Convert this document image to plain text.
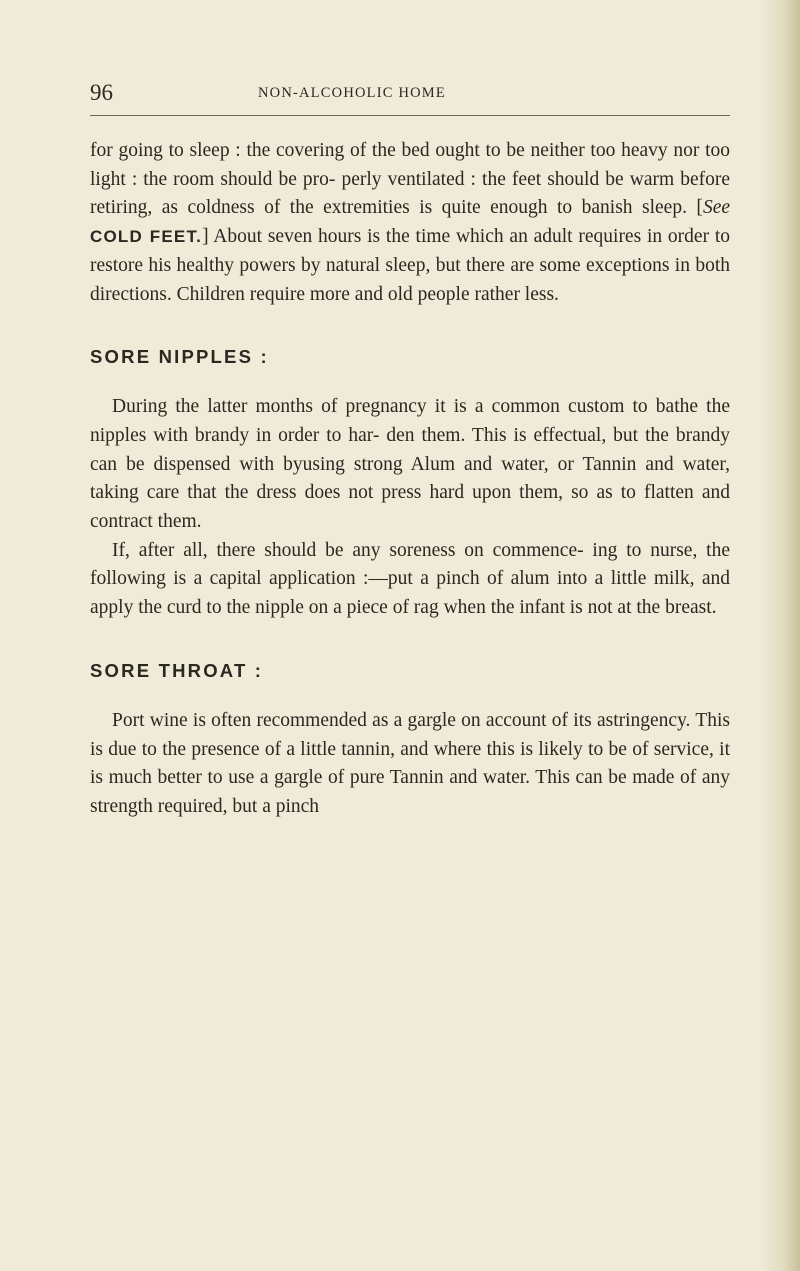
96	NON-ALCOHOLIC HOME

for going to sleep : the covering of the bed ought to be neither too heavy nor too light : the room should be pro- perly ventilated : the feet should be warm before retiring, as coldness of the extremities is quite enough to banish sleep. [See COLD FEET.] About seven hours is the time which an adult requires in order to restore his healthy powers by natural sleep, but there are some exceptions in both directions. Children require more and old people rather less.

SORE NIPPLES :

During the latter months of pregnancy it is a common custom to bathe the nipples with brandy in order to har- den them. This is effectual, but the brandy can be dispensed with byusing strong Alum and water, or Tannin and water, taking care that the dress does not press hard upon them, so as to flatten and contract them.

If, after all, there should be any soreness on commence- ing to nurse, the following is a capital application :—put a pinch of alum into a little milk, and apply the curd to the nipple on a piece of rag when the infant is not at the breast.

SORE THROAT :

Port wine is often recommended as a gargle on account of its astringency. This is due to the presence of a little tannin, and where this is likely to be of service, it is much better to use a gargle of pure Tannin and water. This can be made of any strength required, but a pinch
